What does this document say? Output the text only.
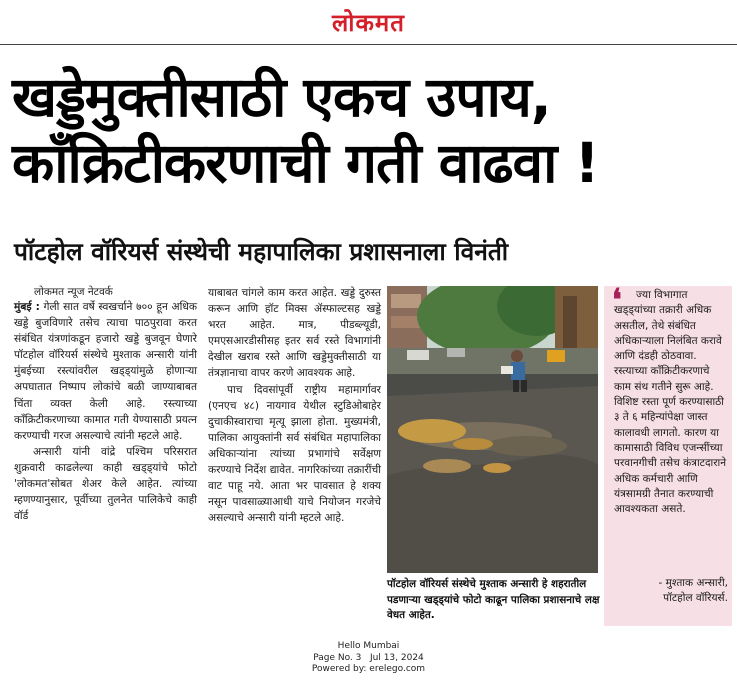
लोकमत
खड्डेमुक्तीसाठी एकच उपाय,
काँक्रिटीकरणाची गती वाढवा !
पॉटहोल वॉरियर्स संस्थेची महापालिका प्रशासनाला विनंती
लोकमत न्यूज नेटवर्क

मुंबई : गेली सात वर्षे स्वखर्चाने ७०० हून अधिक खड्डे बुजविणारे तसेच त्याचा पाठपुरावा करत संबंधित यंत्रणांकडून हजारो खड्डे बुजवून घेणारे पॉटहोल वॉरियर्स संस्थेचे मुश्ताक अन्सारी यांनी मुंबईच्या रस्त्यांवरील खड्ड्यांमुळे होणाऱ्या अपघातात निष्पाप लोकांचे बळी जाण्याबाबत चिंता व्यक्त केली आहे. रस्त्याच्या काँक्रिटीकरणाच्या कामात गती येण्यासाठी प्रयत्न करण्याची गरज असल्याचे त्यांनी म्हटले आहे.

अन्सारी यांनी वांद्रे पश्चिम परिसरात शुक्रवारी काढलेल्या काही खड्ड्यांचे फोटो 'लोकमत'सोबत शेअर केले आहेत. त्यांच्या म्हणण्यानुसार, पूर्वीच्या तुलनेत पालिकेचे काही वॉर्ड

याबाबत चांगले काम करत आहेत. खड्डे दुरुस्त करून आणि हॉट मिक्स ॲस्फाल्टसह खड्डे भरत आहेत. मात्र, पीडब्ल्यूडी, एमएसआरडीसीसह इतर सर्व रस्ते विभागांनी देखील खराब रस्ते आणि खड्डेमुक्तीसाठी या तंत्रज्ञानाचा वापर करणे आवश्यक आहे.

पाच दिवसांपूर्वी राष्ट्रीय महामार्गावर (एनएच ४८) नायगाव येथील स्टुडिओबाहेर दुचाकीस्वाराचा मृत्यू झाला होता. मुख्यमंत्री, पालिका आयुक्तांनी सर्व संबंधित महापालिका अधिकाऱ्यांना त्यांच्या प्रभागांचे सर्वेक्षण करण्याचे निर्देश द्यावेत. नागरिकांच्या तक्रारींची वाट पाहू नये. आता भर पावसात हे शक्य नसून पावसाळ्याआधी याचे नियोजन गरजेचे असल्याचे अन्सारी यांनी म्हटले आहे.

पॉटहोल वॉरियर्स संस्थेचे मुश्ताक अन्सारी हे शहरातील पडणाऱ्या खड्ड्यांचे फोटो काढून पालिका प्रशासनाचे लक्ष वेधत आहेत.
❛	ज्या विभागात खड्ड्यांच्या तक्रारी अधिक असतील, तेथे संबंधित अधिकाऱ्याला निलंबित करावे आणि दंडही ठोठवावा. रस्त्याच्या काँक्रिटीकरणाचे काम संथ गतीने सुरू आहे. विशिष्ट रस्ता पूर्ण करण्यासाठी ३ ते ६ महिन्यांपेक्षा जास्त कालावधी लागतो. कारण या कामासाठी विविध एजन्सींच्या परवानगीची तसेच कंत्राटदाराने अधिक कर्मचारी आणि यंत्रसामग्री तैनात करण्याची आवश्यकता असते.

- मुश्ताक अन्सारी,
पॉटहोल वॉरियर्स.
Hello Mumbai
Page No. 3 Jul 13, 2024
Powered by: erelego.com
